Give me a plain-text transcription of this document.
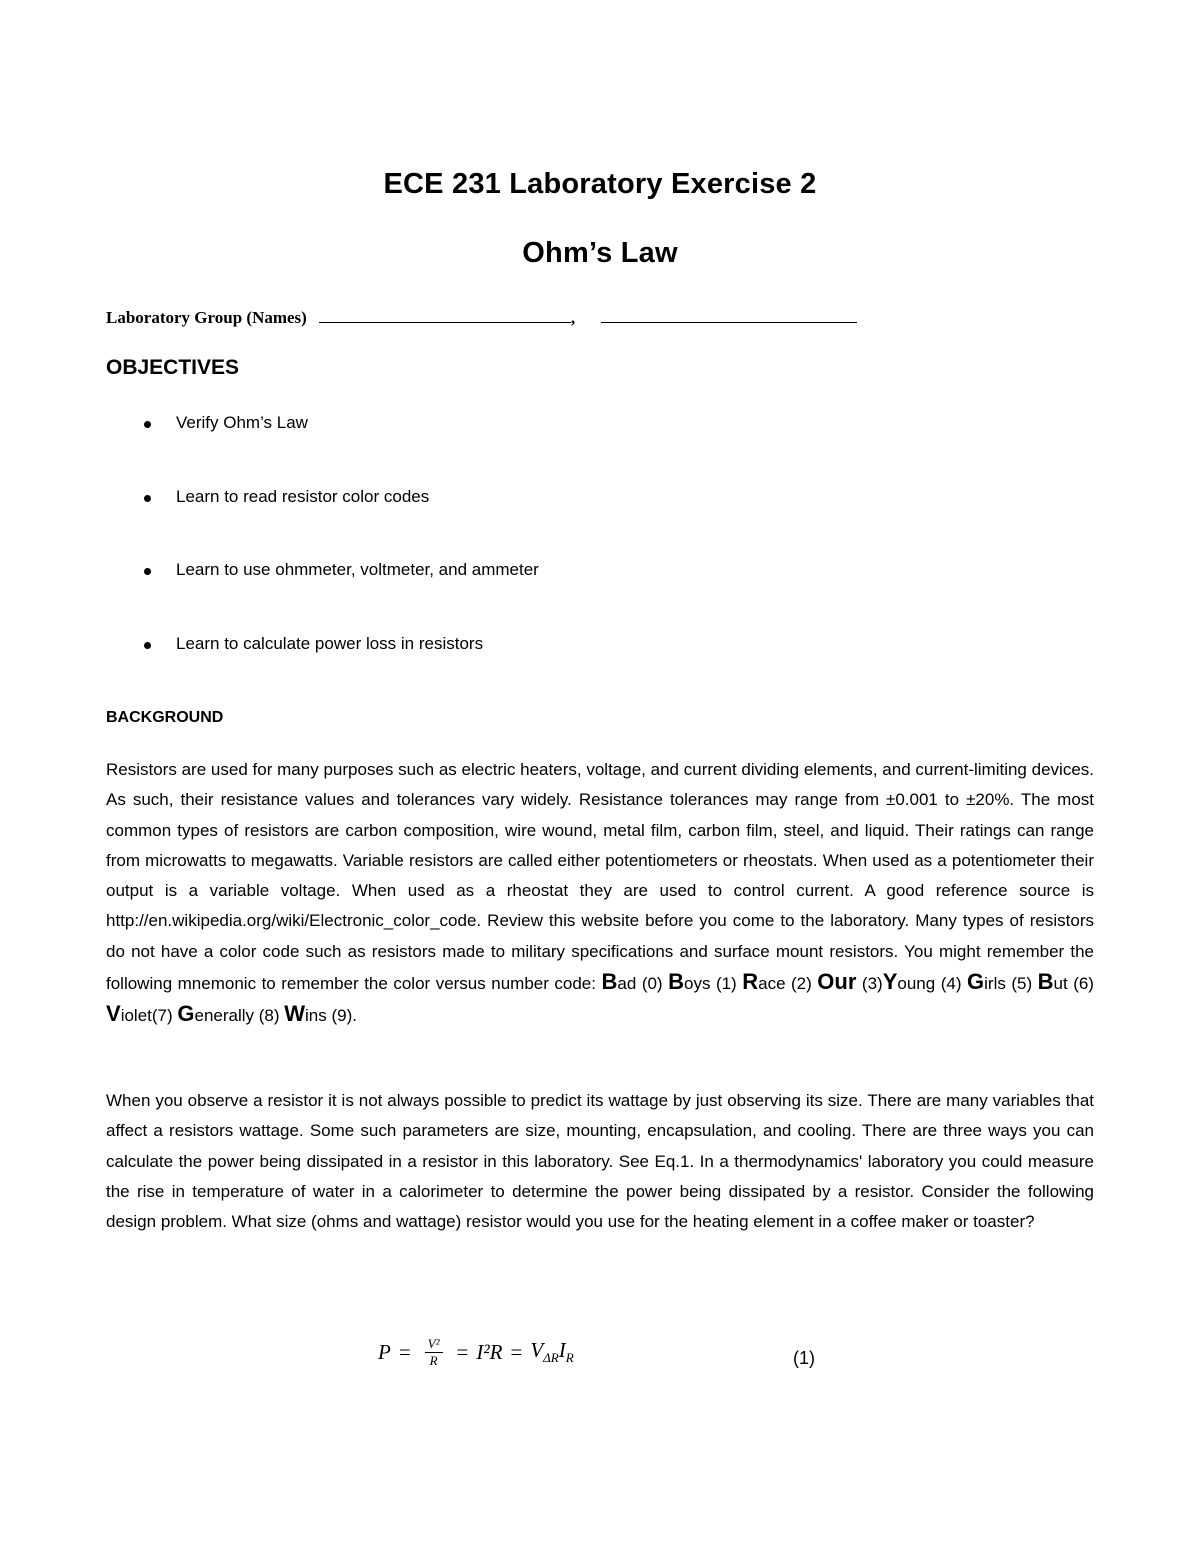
ECE 231 Laboratory Exercise 2
Ohm’s Law
Laboratory Group (Names)	,
OBJECTIVES
Verify Ohm’s Law
Learn to read resistor color codes
Learn to use ohmmeter, voltmeter, and ammeter
Learn to calculate power loss in resistors
BACKGROUND
Resistors are used for many purposes such as electric heaters, voltage, and current dividing elements, and current-limiting devices. As such, their resistance values and tolerances vary widely. Resistance tolerances may range from ±0.001 to ±20%. The most common types of resistors are carbon composition, wire wound, metal film, carbon film, steel, and liquid. Their ratings can range from microwatts to megawatts. Variable resistors are called either potentiometers or rheostats. When used as a potentiometer their output is a variable voltage. When used as a rheostat they are used to control current. A good reference source is http://en.wikipedia.org/wiki/Electronic_color_code. Review this website before you come to the laboratory. Many types of resistors do not have a color code such as resistors made to military specifications and surface mount resistors. You might remember the following mnemonic to remember the color versus number code: Bad (0) Boys (1) Race (2) Our (3)Young (4) Girls (5) But (6) Violet(7) Generally (8) Wins (9).
When you observe a resistor it is not always possible to predict its wattage by just observing its size. There are many variables that affect a resistors wattage. Some such parameters are size, mounting, encapsulation, and cooling. There are three ways you can calculate the power being dissipated in a resistor in this laboratory. See Eq.1. In a thermodynamics' laboratory you could measure the rise in temperature of water in a calorimeter to determine the power being dissipated by a resistor. Consider the following design problem. What size (ohms and wattage) resistor would you use for the heating element in a coffee maker or toaster?
$P = \frac{\text{V²}}{R} = I^2R = V_{\Delta R}I_R$	(1)
